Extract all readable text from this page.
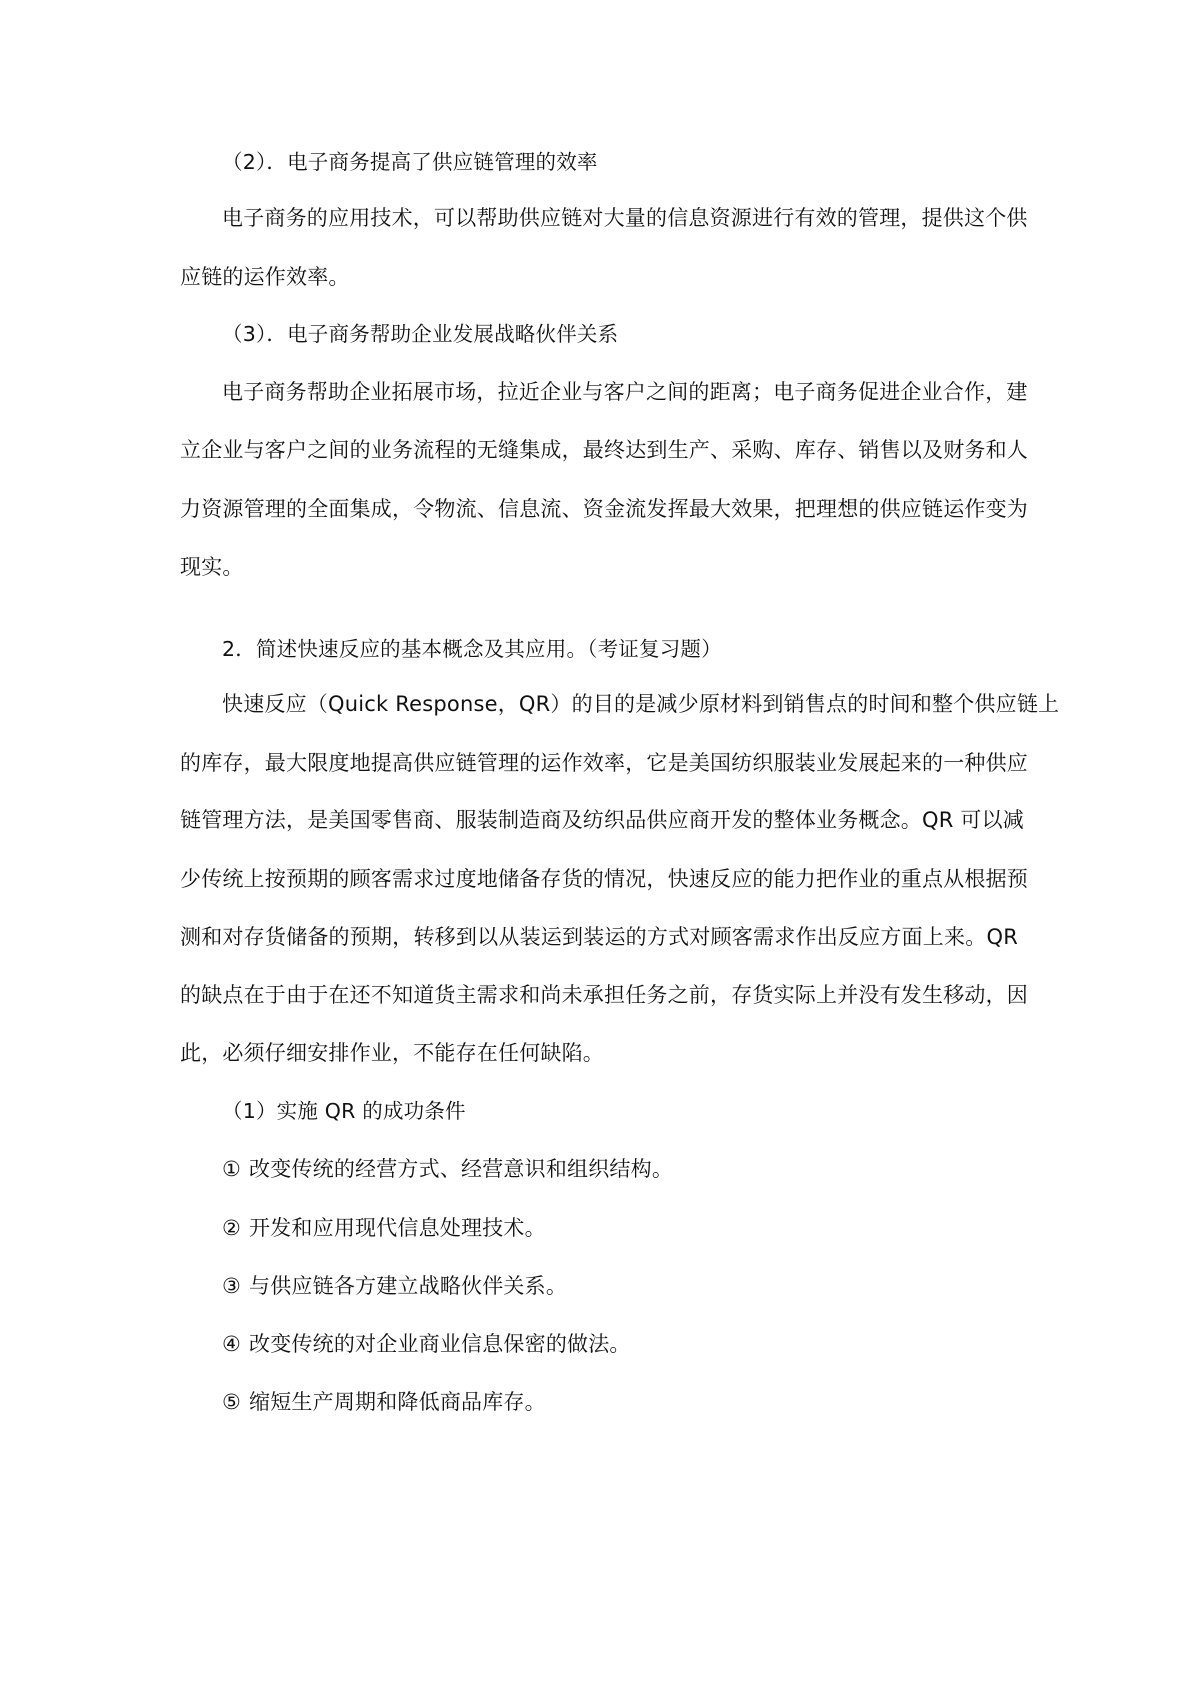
（2）．电子商务提高了供应链管理的效率
电子商务的应用技术，可以帮助供应链对大量的信息资源进行有效的管理，提供这个供
应链的运作效率。
（3）．电子商务帮助企业发展战略伙伴关系
电子商务帮助企业拓展市场，拉近企业与客户之间的距离；电子商务促进企业合作，建
立企业与客户之间的业务流程的无缝集成，最终达到生产、采购、库存、销售以及财务和人
力资源管理的全面集成，令物流、信息流、资金流发挥最大效果，把理想的供应链运作变为
现实。
2．简述快速反应的基本概念及其应用。（考证复习题）
快速反应（Quick Response，QR）的目的是减少原材料到销售点的时间和整个供应链上
的库存，最大限度地提高供应链管理的运作效率，它是美国纺织服装业发展起来的一种供应
链管理方法，是美国零售商、服装制造商及纺织品供应商开发的整体业务概念。QR 可以减
少传统上按预期的顾客需求过度地储备存货的情况，快速反应的能力把作业的重点从根据预
测和对存货储备的预期，转移到以从装运到装运的方式对顾客需求作出反应方面上来。QR
的缺点在于由于在还不知道货主需求和尚未承担任务之前，存货实际上并没有发生移动，因
此，必须仔细安排作业，不能存在任何缺陷。
（1）实施 QR 的成功条件
① 改变传统的经营方式、经营意识和组织结构。
② 开发和应用现代信息处理技术。
③ 与供应链各方建立战略伙伴关系。
④ 改变传统的对企业商业信息保密的做法。
⑤ 缩短生产周期和降低商品库存。
